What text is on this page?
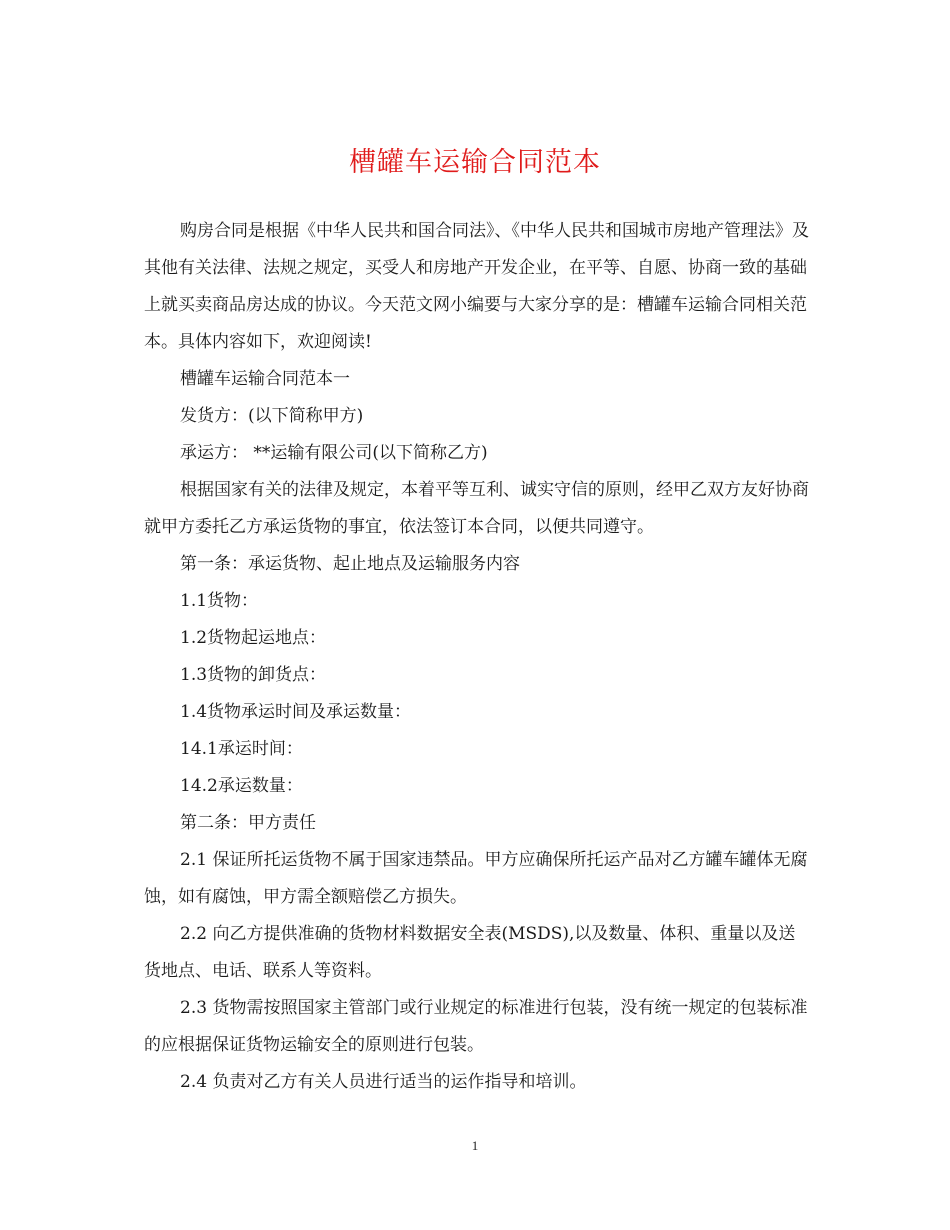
槽罐车运输合同范本

购房合同是根据《中华人民共和国合同法》、《中华人民共和国城市房地产管理法》及其他有关法律、法规之规定，买受人和房地产开发企业，在平等、自愿、协商一致的基础上就买卖商品房达成的协议。今天范文网小编要与大家分享的是：槽罐车运输合同相关范本。具体内容如下，欢迎阅读!

槽罐车运输合同范本一

发货方：(以下简称甲方)

承运方： **运输有限公司(以下简称乙方)

根据国家有关的法律及规定，本着平等互利、诚实守信的原则，经甲乙双方友好协商就甲方委托乙方承运货物的事宜，依法签订本合同，以便共同遵守。

第一条：承运货物、起止地点及运输服务内容

1.1货物：

1.2货物起运地点：

1.3货物的卸货点：

1.4货物承运时间及承运数量：

14.1承运时间：

14.2承运数量：

第二条：甲方责任

2.1 保证所托运货物不属于国家违禁品。甲方应确保所托运产品对乙方罐车罐体无腐蚀，如有腐蚀，甲方需全额赔偿乙方损失。

2.2 向乙方提供准确的货物材料数据安全表(MSDS),以及数量、体积、重量以及送货地点、电话、联系人等资料。

2.3 货物需按照国家主管部门或行业规定的标准进行包装，没有统一规定的包装标准的应根据保证货物运输安全的原则进行包装。

2.4 负责对乙方有关人员进行适当的运作指导和培训。

1
